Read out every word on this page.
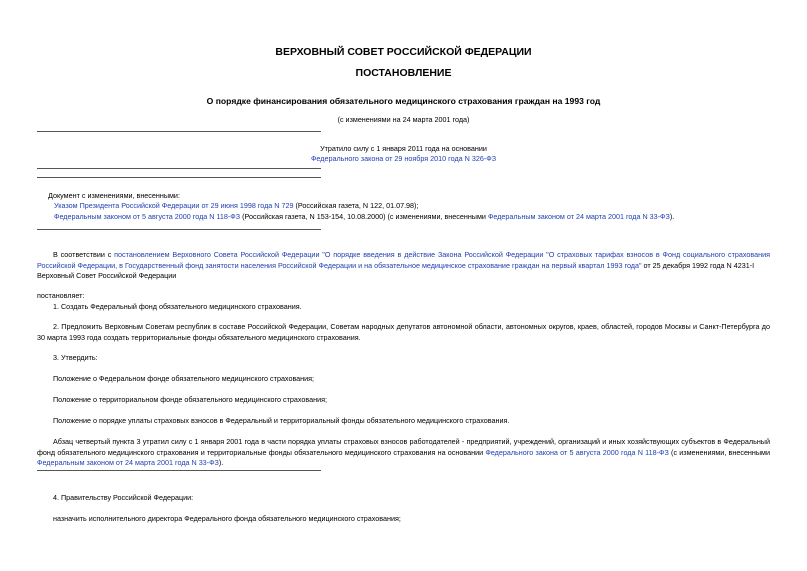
ВЕРХОВНЫЙ СОВЕТ РОССИЙСКОЙ ФЕДЕРАЦИИ
ПОСТАНОВЛЕНИЕ
О порядке финансирования обязательного медицинского страхования граждан на 1993 год
(с изменениями на 24 марта 2001 года)
Утратило силу с 1 января 2011 года на основании
Федерального закона от 29 ноября 2010 года N 326-ФЗ
Документ с изменениями, внесенными:
Указом Президента Российской Федерации от 29 июня 1998 года N 729 (Российская газета, N 122, 01.07.98);
Федеральным законом от 5 августа 2000 года N 118-ФЗ (Российская газета, N 153-154, 10.08.2000) (с изменениями, внесенными Федеральным законом от 24 марта 2001 года N 33-ФЗ).
В соответствии с постановлением Верховного Совета Российской Федерации "О порядке введения в действие Закона Российской Федерации "О страховых тарифах взносов в Фонд социального страхования Российской Федерации, в Государственный фонд занятости населения Российской Федерации и на обязательное медицинское страхование граждан на первый квартал 1993 года" от 25 декабря 1992 года N 4231-I
Верховный Совет Российской Федерации
постановляет:
1. Создать Федеральный фонд обязательного медицинского страхования.
2. Предложить Верховным Советам республик в составе Российской Федерации, Советам народных депутатов автономной области, автономных округов, краев, областей, городов Москвы и Санкт-Петербурга до 30 марта 1993 года создать территориальные фонды обязательного медицинского страхования.
3. Утвердить:
Положение о Федеральном фонде обязательного медицинского страхования;
Положение о территориальном фонде обязательного медицинского страхования;
Положение о порядке уплаты страховых взносов в Федеральный и территориальный фонды обязательного медицинского страхования.
Абзац четвертый пункта 3 утратил силу с 1 января 2001 года в части порядка уплаты страховых взносов работодателей - предприятий, учреждений, организаций и иных хозяйствующих субъектов в Федеральный фонд обязательного медицинского страхования и территориальные фонды обязательного медицинского страхования на основании Федерального закона от 5 августа 2000 года N 118-ФЗ (с изменениями, внесенными Федеральным законом от 24 марта 2001 года N 33-ФЗ).
4. Правительству Российской Федерации:
назначить исполнительного директора Федерального фонда обязательного медицинского страхования;
